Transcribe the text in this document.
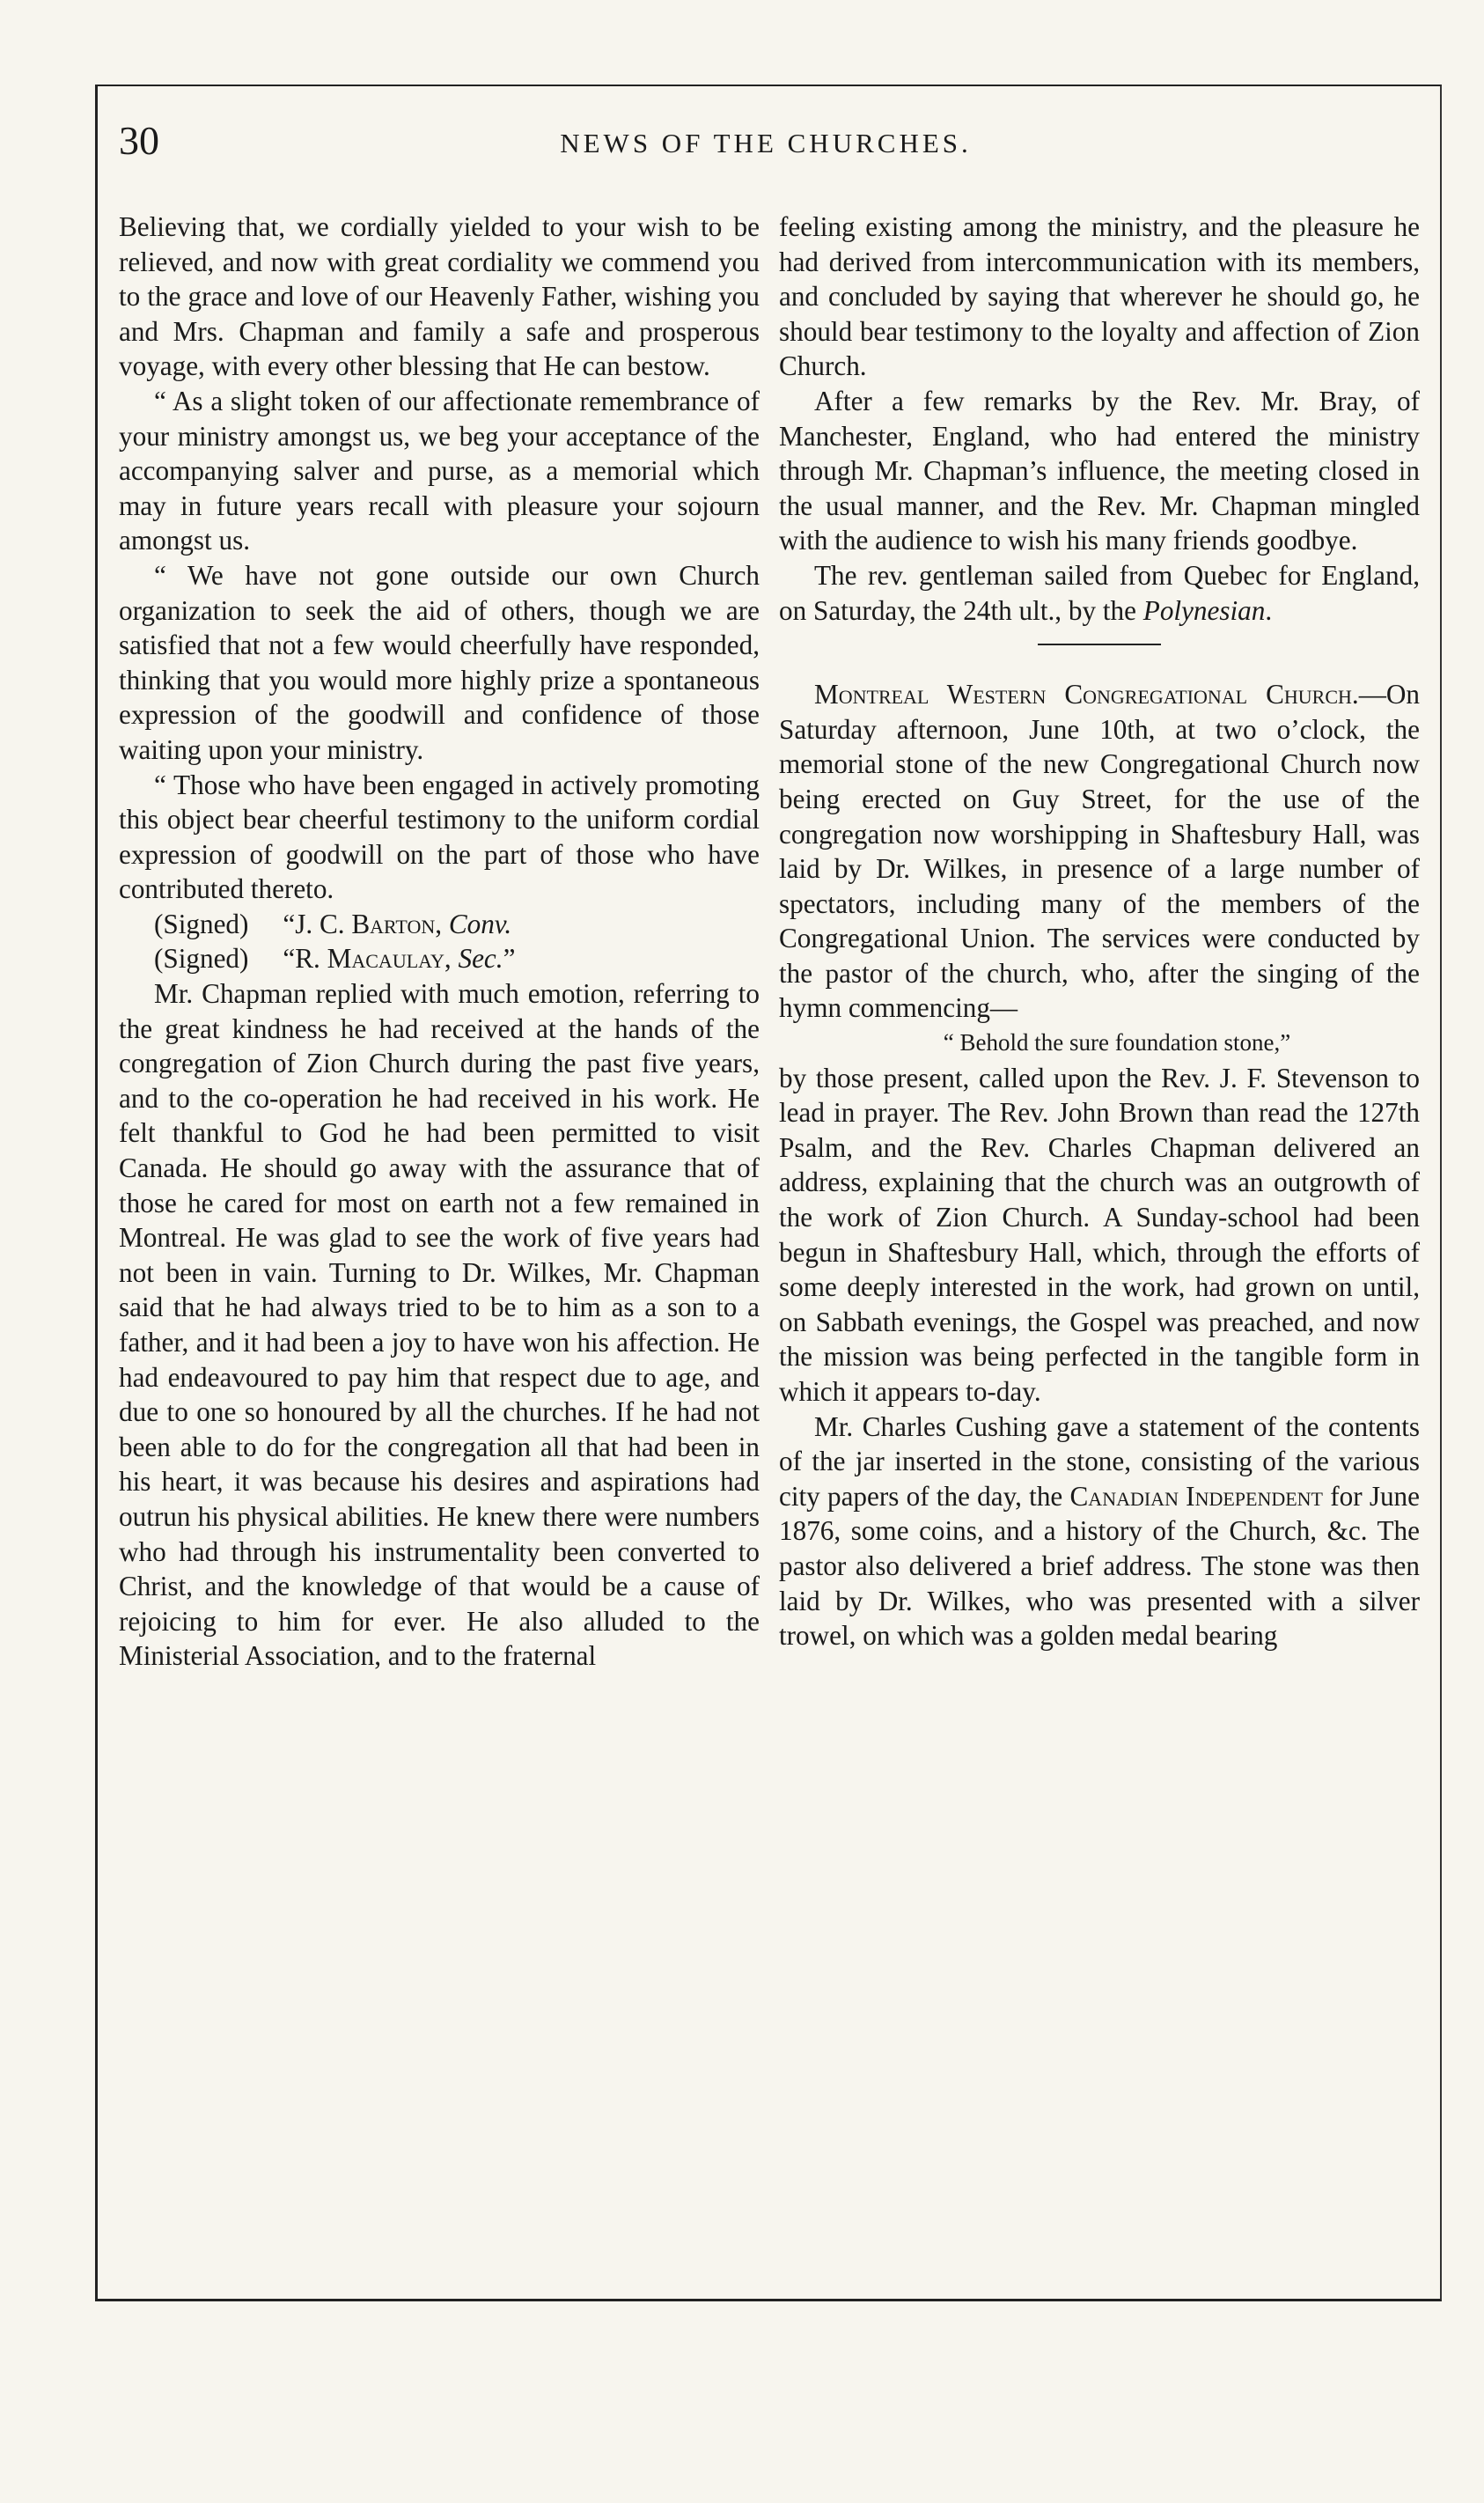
30	NEWS OF THE CHURCHES.

Believing that, we cordially yielded to your wish to be relieved, and now with great cordiality we commend you to the grace and love of our Heavenly Father, wishing you and Mrs. Chapman and family a safe and prosperous voyage, with every other blessing that He can bestow.

“ As a slight token of our affectionate remembrance of your ministry amongst us, we beg your acceptance of the accompanying salver and purse, as a memorial which may in future years recall with pleasure your sojourn amongst us.

“ We have not gone outside our own Church organization to seek the aid of others, though we are satisfied that not a few would cheerfully have responded, thinking that you would more highly prize a spontaneous expression of the goodwill and confidence of those waiting upon your ministry.

“ Those who have been engaged in actively promoting this object bear cheerful testimony to the uniform cordial expression of goodwill on the part of those who have contributed thereto.

(Signed)     “J. C. Barton, Conv.
(Signed)     “R. Macaulay, Sec.”

Mr. Chapman replied with much emotion, referring to the great kindness he had received at the hands of the congregation of Zion Church during the past five years, and to the co-operation he had received in his work. He felt thankful to God he had been permitted to visit Canada. He should go away with the assurance that of those he cared for most on earth not a few remained in Montreal. He was glad to see the work of five years had not been in vain. Turning to Dr. Wilkes, Mr. Chapman said that he had always tried to be to him as a son to a father, and it had been a joy to have won his affection. He had endeavoured to pay him that respect due to age, and due to one so honoured by all the churches. If he had not been able to do for the congregation all that had been in his heart, it was because his desires and aspirations had outrun his physical abilities. He knew there were numbers who had through his instrumentality been converted to Christ, and the knowledge of that would be a cause of rejoicing to him for ever. He also alluded to the Ministerial Association, and to the fraternal

feeling existing among the ministry, and the pleasure he had derived from intercommunication with its members, and concluded by saying that wherever he should go, he should bear testimony to the loyalty and affection of Zion Church.

After a few remarks by the Rev. Mr. Bray, of Manchester, England, who had entered the ministry through Mr. Chapman’s influence, the meeting closed in the usual manner, and the Rev. Mr. Chapman mingled with the audience to wish his many friends goodbye.

The rev. gentleman sailed from Quebec for England, on Saturday, the 24th ult., by the Polynesian.

Montreal Western Congregational Church.—On Saturday afternoon, June 10th, at two o’clock, the memorial stone of the new Congregational Church now being erected on Guy Street, for the use of the congregation now worshipping in Shaftesbury Hall, was laid by Dr. Wilkes, in presence of a large number of spectators, including many of the members of the Congregational Union. The services were conducted by the pastor of the church, who, after the singing of the hymn commencing—

“ Behold the sure foundation stone,”

by those present, called upon the Rev. J. F. Stevenson to lead in prayer. The Rev. John Brown than read the 127th Psalm, and the Rev. Charles Chapman delivered an address, explaining that the church was an outgrowth of the work of Zion Church. A Sunday-school had been begun in Shaftesbury Hall, which, through the efforts of some deeply interested in the work, had grown on until, on Sabbath evenings, the Gospel was preached, and now the mission was being perfected in the tangible form in which it appears to-day.

Mr. Charles Cushing gave a statement of the contents of the jar inserted in the stone, consisting of the various city papers of the day, the Canadian Independent for June 1876, some coins, and a history of the Church, &c. The pastor also delivered a brief address. The stone was then laid by Dr. Wilkes, who was presented with a silver trowel, on which was a golden medal bearing
